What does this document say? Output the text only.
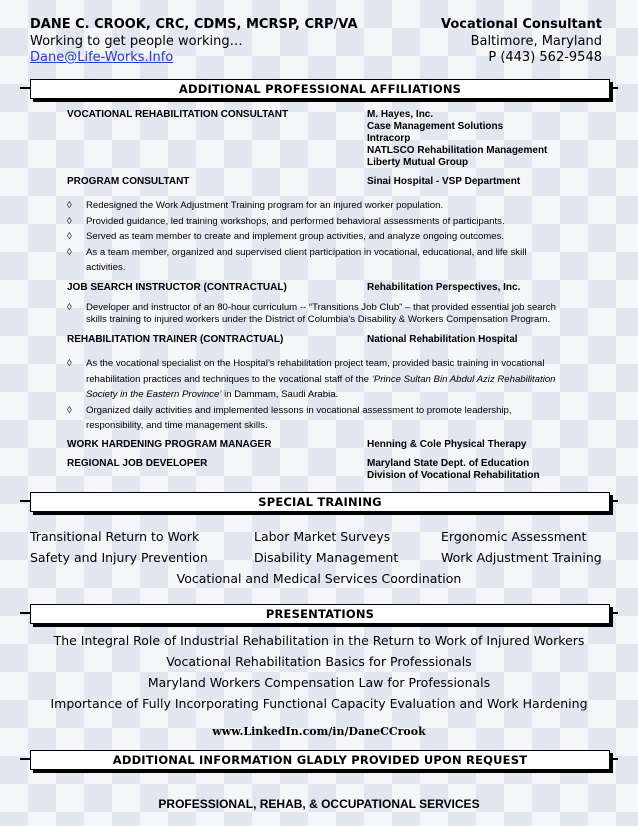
DANE C. CROOK, CRC, CDMS, MCRSP, CRP/VA
Working to get people working…
Dane@Life-Works.Info
Vocational Consultant
Baltimore, Maryland
P (443) 562-9548
ADDITIONAL PROFESSIONAL AFFILIATIONS
VOCATIONAL REHABILITATION CONSULTANT	M. Hayes, Inc.
Case Management Solutions
Intracorp
NATLSCO Rehabilitation Management
Liberty Mutual Group
PROGRAM CONSULTANT	Sinai Hospital - VSP Department
◊ Redesigned the Work Adjustment Training program for an injured worker population.
◊ Provided guidance, led training workshops, and performed behavioral assessments of participants.
◊ Served as team member to create and implement group activities, and analyze ongoing outcomes.
◊ As a team member, organized and supervised client participation in vocational, educational, and life skill
activities.
JOB SEARCH INSTRUCTOR (CONTRACTUAL)	Rehabilitation Perspectives, Inc.
◊ Developer and instructor of an 80-hour curriculum -- “Transitions Job Club” – that provided essential job search
skills training to injured workers under the District of Columbia’s Disability & Workers Compensation Program.
REHABILITATION TRAINER (CONTRACTUAL)	National Rehabilitation Hospital
◊ As the vocational specialist on the Hospital’s rehabilitation project team, provided basic training in vocational
rehabilitation practices and techniques to the vocational staff of the ‘Prince Sultan Bin Abdul Aziz Rehabilitation
Society in the Eastern Province’ in Dammam, Saudi Arabia.
◊ Organized daily activities and implemented lessons in vocational assessment to promote leadership,
responsibility, and time management skills.
WORK HARDENING PROGRAM MANAGER	Henning & Cole Physical Therapy
REGIONAL JOB DEVELOPER	Maryland State Dept. of Education
Division of Vocational Rehabilitation
SPECIAL TRAINING
Transitional Return to Work	Labor Market Surveys	Ergonomic Assessment
Safety and Injury Prevention	Disability Management	Work Adjustment Training
Vocational and Medical Services Coordination
PRESENTATIONS
The Integral Role of Industrial Rehabilitation in the Return to Work of Injured Workers
Vocational Rehabilitation Basics for Professionals
Maryland Workers Compensation Law for Professionals
Importance of Fully Incorporating Functional Capacity Evaluation and Work Hardening
www.LinkedIn.com/in/DaneCCrook
ADDITIONAL INFORMATION GLADLY PROVIDED UPON REQUEST
PROFESSIONAL, REHAB, & OCCUPATIONAL SERVICES
